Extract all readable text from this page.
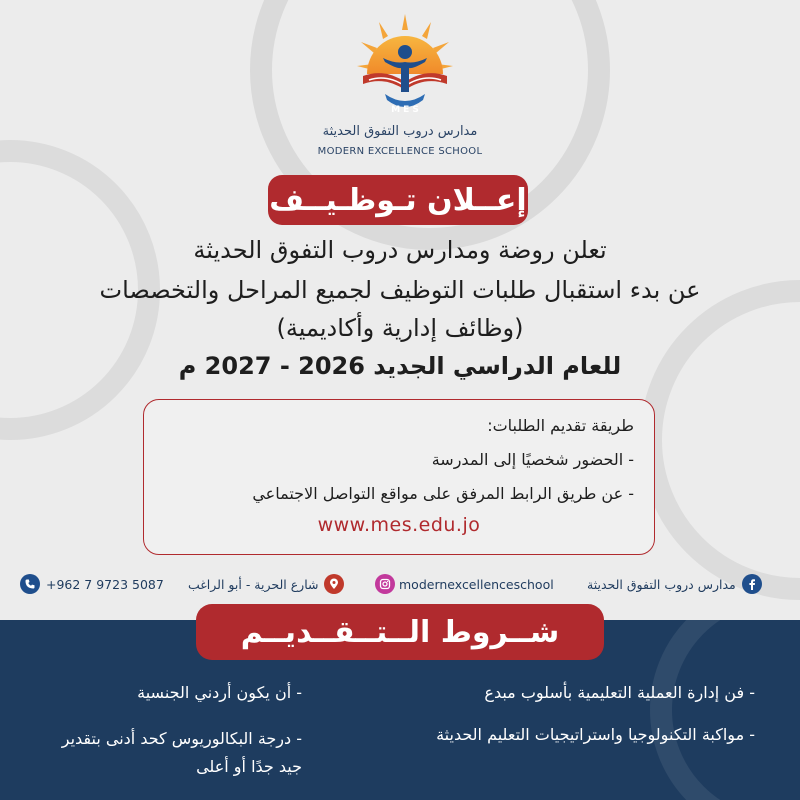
M E S
مدارس دروب التفوق الحديثة
MODERN EXCELLENCE SCHOOL
إعــلان تـوظـيــف
تعلن روضة ومدارس دروب التفوق الحديثة
عن بدء استقبال طلبات التوظيف لجميع المراحل والتخصصات
(وظائف إدارية وأكاديمية)
للعام الدراسي الجديد 2026 - 2027 م
طريقة تقديم الطلبات:
- الحضور شخصيًا إلى المدرسة
- عن طريق الرابط المرفق على مواقع التواصل الاجتماعي
www.mes.edu.jo
مدارس دروب التفوق الحديثة
modernexcellenceschool
شارع الحرية - أبو الراغب
+962 7 9723 5087
شــروط الــتــقــديــم
- فن إدارة العملية التعليمية بأسلوب مبدع
- مواكبة التكنولوجيا واستراتيجيات التعليم الحديثة
- أن يكون أردني الجنسية
- درجة البكالوريوس كحد أدنى بتقدير جيد جدًا أو أعلى
